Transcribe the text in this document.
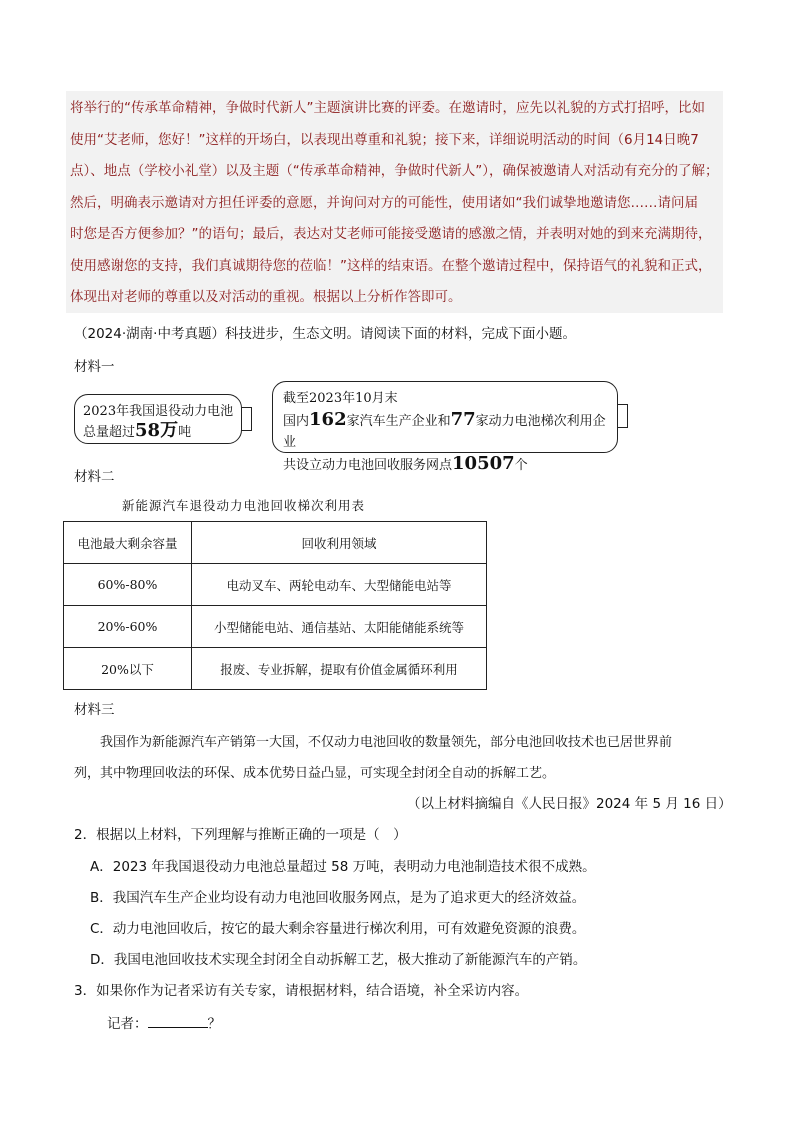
将举行的“传承革命精神，争做时代新人”主题演讲比赛的评委。在邀请时，应先以礼貌的方式打招呼，比如

使用“艾老师，您好！”这样的开场白，以表现出尊重和礼貌；接下来，详细说明活动的时间（6月14日晚7

点）、地点（学校小礼堂）以及主题（“传承革命精神，争做时代新人”），确保被邀请人对活动有充分的了解；

然后，明确表示邀请对方担任评委的意愿，并询问对方的可能性，使用诸如“我们诚挚地邀请您……请问届

时您是否方便参加？”的语句；最后，表达对艾老师可能接受邀请的感激之情，并表明对她的到来充满期待，

使用感谢您的支持，我们真诚期待您的莅临！”这样的结束语。在整个邀请过程中，保持语气的礼貌和正式，

体现出对老师的尊重以及对活动的重视。根据以上分析作答即可。

（2024·湖南·中考真题）科技进步，生态文明。请阅读下面的材料，完成下面小题。
材料一
2023年我国退役动力电池
总量超过58万吨
截至2023年10月末
国内162家汽车生产企业和77家动力电池梯次利用企业
共设立动力电池回收服务网点10507个
材料二
新能源汽车退役动力电池回收梯次利用表
电池最大剩余容量	回收利用领域
60%-80%	电动叉车、两轮电动车、大型储能电站等
20%-60%	小型储能电站、通信基站、太阳能储能系统等
20%以下	报废、专业拆解，提取有价值金属循环利用
材料三

我国作为新能源汽车产销第一大国，不仅动力电池回收的数量领先，部分电池回收技术也已居世界前

列，其中物理回收法的环保、成本优势日益凸显，可实现全封闭全自动的拆解工艺。

（以上材料摘编自《人民日报》2024 年 5 月 16 日）
2．根据以上材料，下列理解与推断正确的一项是（　）
A．2023 年我国退役动力电池总量超过 58 万吨，表明动力电池制造技术很不成熟。
B．我国汽车生产企业均设有动力电池回收服务网点，是为了追求更大的经济效益。
C．动力电池回收后，按它的最大剩余容量进行梯次利用，可有效避免资源的浪费。
D．我国电池回收技术实现全封闭全自动拆解工艺，极大推动了新能源汽车的产销。
3．如果你作为记者采访有关专家，请根据材料，结合语境，补全采访内容。
记者：	？
